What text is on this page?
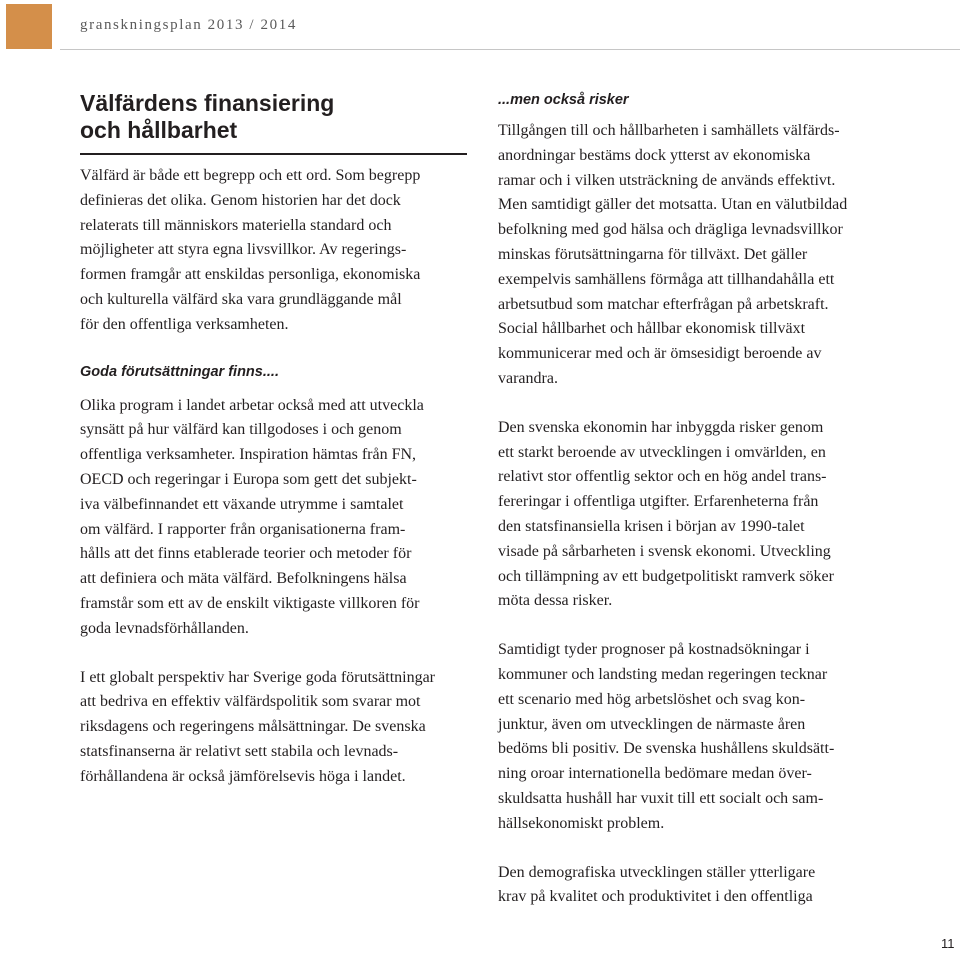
granskningsplan 2013 / 2014
Välfärdens finansiering
och hållbarhet
Välfärd är både ett begrepp och ett ord. Som begrepp
definieras det olika. Genom historien har det dock
relaterats till människors materiella standard och
möjligheter att styra egna livsvillkor. Av regerings-
formen framgår att enskildas personliga, ekonomiska
och kulturella välfärd ska vara grundläggande mål
för den offentliga verksamheten.
Goda förutsättningar finns....
Olika program i landet arbetar också med att utveckla
synsätt på hur välfärd kan tillgodoses i och genom
offentliga verksamheter. Inspiration hämtas från FN,
OECD och regeringar i Europa som gett det subjekt-
iva välbefinnandet ett växande utrymme i samtalet
om välfärd. I rapporter från organisationerna fram-
hålls att det finns etablerade teorier och metoder för
att definiera och mäta välfärd. Befolkningens hälsa
framstår som ett av de enskilt viktigaste villkoren för
goda levnadsförhållanden.
I ett globalt perspektiv har Sverige goda förutsättningar
att bedriva en effektiv välfärdspolitik som svarar mot
riksdagens och regeringens målsättningar. De svenska
statsfinanserna är relativt sett stabila och levnads-
förhållandena är också jämförelsevis höga i landet.
...men också risker
Tillgången till och hållbarheten i samhällets välfärds-
anordningar bestäms dock ytterst av ekonomiska
ramar och i vilken utsträckning de används effektivt.
Men samtidigt gäller det motsatta. Utan en välutbildad
befolkning med god hälsa och drägliga levnadsvillkor
minskas förutsättningarna för tillväxt. Det gäller
exempelvis samhällens förmåga att tillhandahålla ett
arbetsutbud som matchar efterfrågan på arbetskraft.
Social hållbarhet och hållbar ekonomisk tillväxt
kommunicerar med och är ömsesidigt beroende av
varandra.
Den svenska ekonomin har inbyggda risker genom
ett starkt beroende av utvecklingen i omvärlden, en
relativt stor offentlig sektor och en hög andel trans-
fereringar i offentliga utgifter. Erfarenheterna från
den statsfinansiella krisen i början av 1990-talet
visade på sårbarheten i svensk ekonomi. Utveckling
och tillämpning av ett budgetpolitiskt ramverk söker
möta dessa risker.
Samtidigt tyder prognoser på kostnadsökningar i
kommuner och landsting medan regeringen tecknar
ett scenario med hög arbetslöshet och svag kon-
junktur, även om utvecklingen de närmaste åren
bedöms bli positiv. De svenska hushållens skuldsätt-
ning oroar internationella bedömare medan över-
skuldsatta hushåll har vuxit till ett socialt och sam-
hällsekonomiskt problem.
Den demografiska utvecklingen ställer ytterligare
krav på kvalitet och produktivitet i den offentliga
11
